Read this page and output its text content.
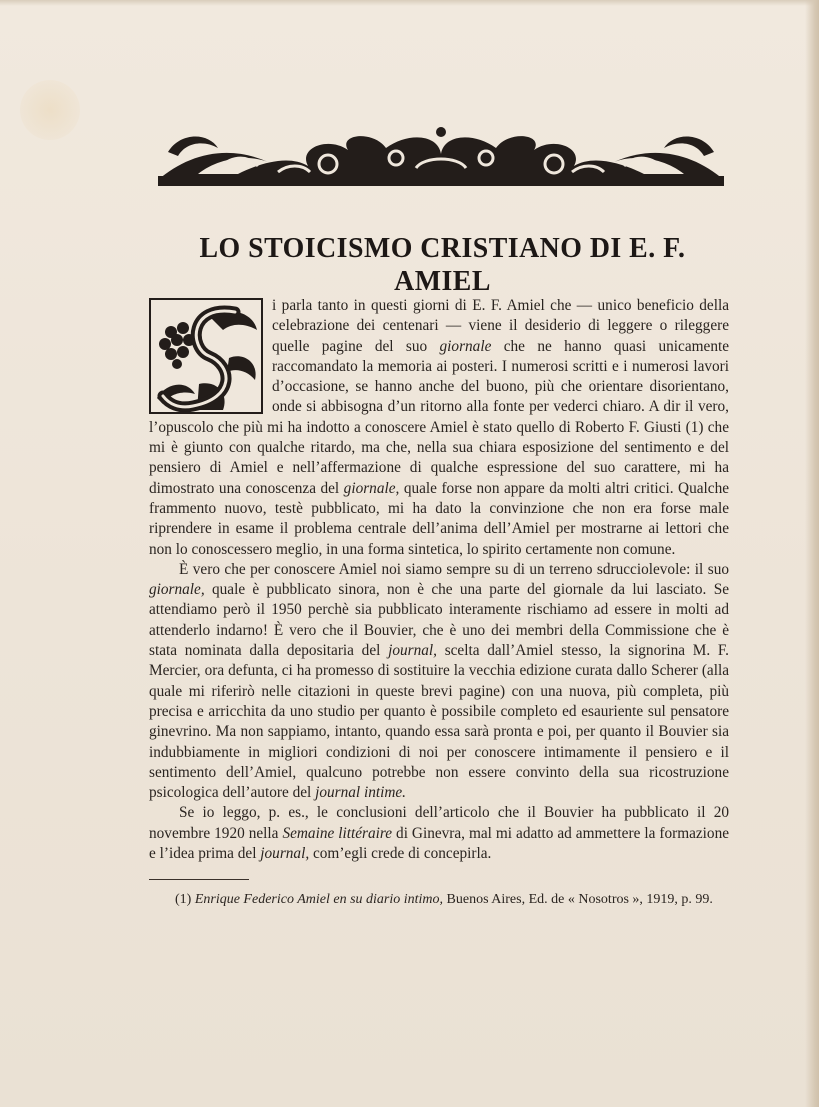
LO STOICISMO CRISTIANO DI E. F. AMIEL

i parla tanto in questi giorni di E. F. Amiel che — unico beneficio della celebrazione dei centenari — viene il desiderio di leggere o rileggere quelle pagine del suo giornale che ne hanno quasi unicamente raccomandato la memoria ai posteri. I numerosi scritti e i numerosi lavori d’occasione, se hanno anche del buono, più che orientare disorientano, onde si abbisogna d’un ritorno alla fonte per vederci chiaro. A dir il vero, l’opuscolo che più mi ha indotto a conoscere Amiel è stato quello di Roberto F. Giusti (1) che mi è giunto con qualche ritardo, ma che, nella sua chiara esposizione del sentimento e del pensiero di Amiel e nell’affermazione di qualche espressione del suo carattere, mi ha dimostrato una conoscenza del giornale, quale forse non appare da molti altri critici. Qualche frammento nuovo, testè pubblicato, mi ha dato la convinzione che non era forse male riprendere in esame il problema centrale dell’anima dell’Amiel per mostrarne ai lettori che non lo conoscessero meglio, in una forma sintetica, lo spirito certamente non comune.

È vero che per conoscere Amiel noi siamo sempre su di un terreno sdrucciolevole: il suo giornale, quale è pubblicato sinora, non è che una parte del giornale da lui lasciato. Se attendiamo però il 1950 perchè sia pubblicato interamente rischiamo ad essere in molti ad attenderlo indarno! È vero che il Bouvier, che è uno dei membri della Commissione che è stata nominata dalla depositaria del journal, scelta dall’Amiel stesso, la signorina M. F. Mercier, ora defunta, ci ha promesso di sostituire la vecchia edizione curata dallo Scherer (alla quale mi riferirò nelle citazioni in queste brevi pagine) con una nuova, più completa, più precisa e arricchita da uno studio per quanto è possibile completo ed esauriente sul pensatore ginevrino. Ma non sappiamo, intanto, quando essa sarà pronta e poi, per quanto il Bouvier sia indubbiamente in migliori condizioni di noi per conoscere intimamente il pensiero e il sentimento dell’Amiel, qualcuno potrebbe non essere convinto della sua ricostruzione psicologica dell’autore del journal intime.

Se io leggo, p. es., le conclusioni dell’articolo che il Bouvier ha pubblicato il 20 novembre 1920 nella Semaine littéraire di Ginevra, mal mi adatto ad ammettere la formazione e l’idea prima del journal, com’egli crede di concepirla.

(1) Enrique Federico Amiel en su diario intimo, Buenos Aires, Ed. de « Nosotros », 1919, p. 99.
